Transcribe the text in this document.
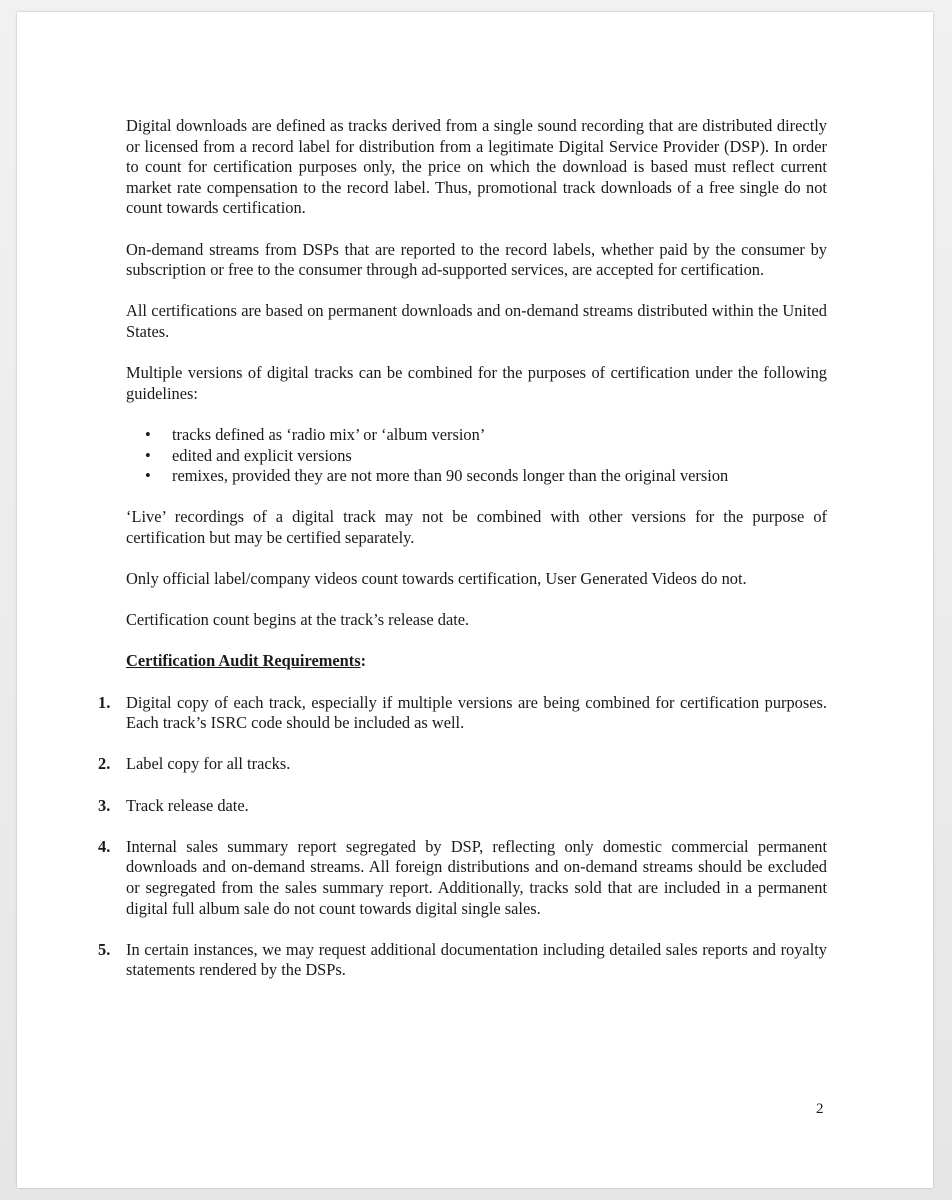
Digital downloads are defined as tracks derived from a single sound recording that are distributed directly or licensed from a record label for distribution from a legitimate Digital Service Provider (DSP). In order to count for certification purposes only, the price on which the download is based must reflect current market rate compensation to the record label. Thus, promotional track downloads of a free single do not count towards certification.

On-demand streams from DSPs that are reported to the record labels, whether paid by the consumer by subscription or free to the consumer through ad-supported services, are accepted for certification.

All certifications are based on permanent downloads and on-demand streams distributed within the United States.

Multiple versions of digital tracks can be combined for the purposes of certification under the following guidelines:

• tracks defined as ‘radio mix’ or ‘album version’
• edited and explicit versions
• remixes, provided they are not more than 90 seconds longer than the original version

‘Live’ recordings of a digital track may not be combined with other versions for the purpose of certification but may be certified separately.

Only official label/company videos count towards certification, User Generated Videos do not.

Certification count begins at the track’s release date.

Certification Audit Requirements:

1. Digital copy of each track, especially if multiple versions are being combined for certification purposes. Each track’s ISRC code should be included as well.
2. Label copy for all tracks.
3. Track release date.
4. Internal sales summary report segregated by DSP, reflecting only domestic commercial permanent downloads and on-demand streams. All foreign distributions and on-demand streams should be excluded or segregated from the sales summary report. Additionally, tracks sold that are included in a permanent digital full album sale do not count towards digital single sales.
5. In certain instances, we may request additional documentation including detailed sales reports and royalty statements rendered by the DSPs.
2
